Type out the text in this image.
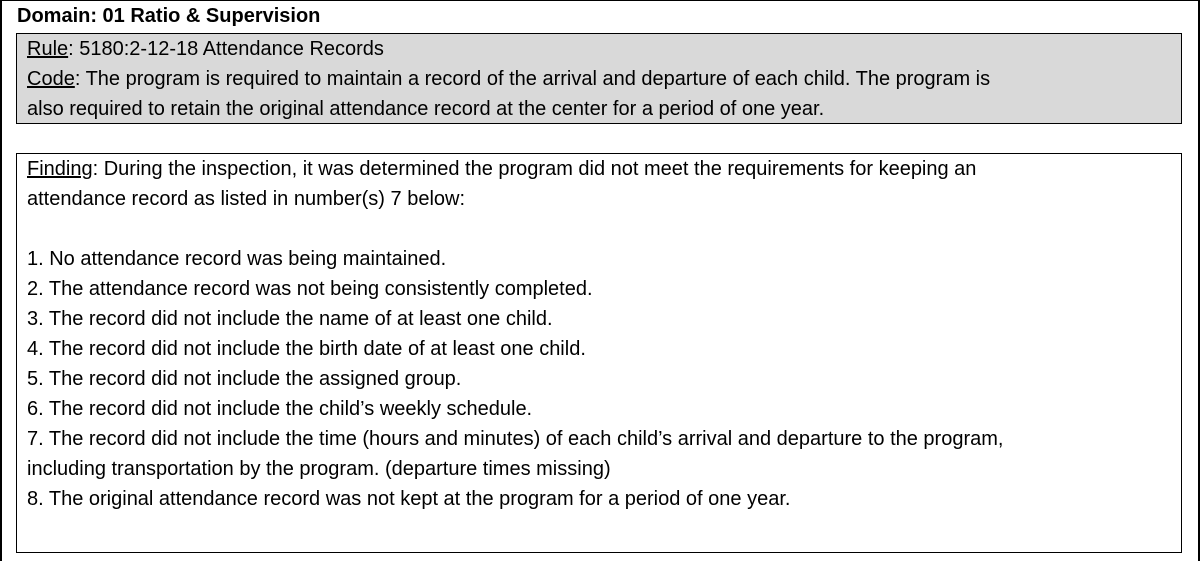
Domain: 01 Ratio & Supervision
Rule: 5180:2-12-18 Attendance Records
Code: The program is required to maintain a record of the arrival and departure of each child. The program is
also required to retain the original attendance record at the center for a period of one year.
Finding: During the inspection, it was determined the program did not meet the requirements for keeping an
attendance record as listed in number(s) 7 below:
1. No attendance record was being maintained.
2. The attendance record was not being consistently completed.
3. The record did not include the name of at least one child.
4. The record did not include the birth date of at least one child.
5. The record did not include the assigned group.
6. The record did not include the child’s weekly schedule.
7. The record did not include the time (hours and minutes) of each child’s arrival and departure to the program,
including transportation by the program. (departure times missing)
8. The original attendance record was not kept at the program for a period of one year.
